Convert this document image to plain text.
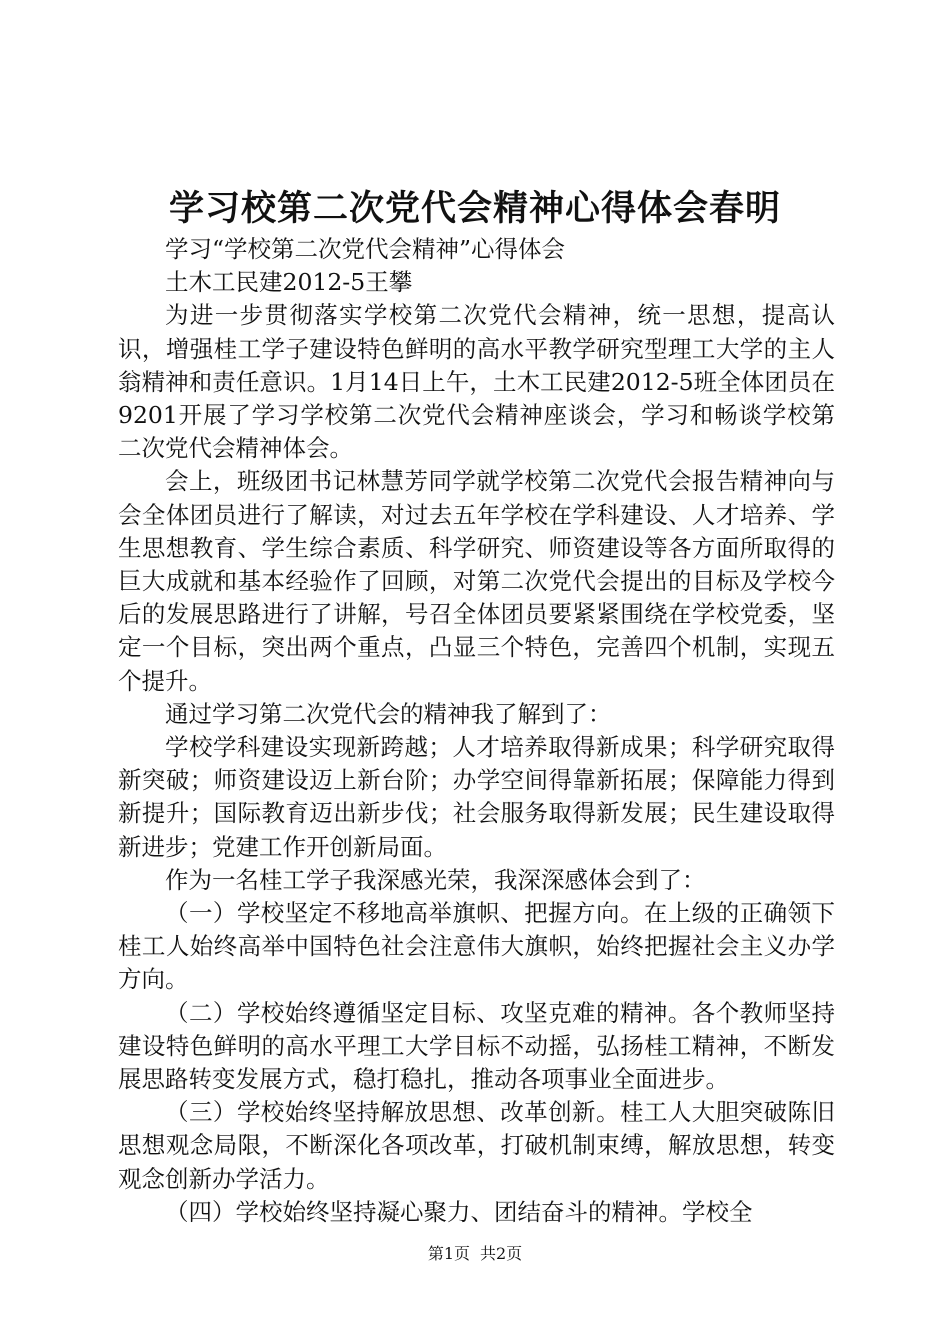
学习校第二次党代会精神心得体会春明

学习“学校第二次党代会精神”心得体会

土木工民建2012-5王攀

为进一步贯彻落实学校第二次党代会精神，统一思想，提高认识，增强桂工学子建设特色鲜明的高水平教学研究型理工大学的主人翁精神和责任意识。1月14日上午，土木工民建2012-5班全体团员在9201开展了学习学校第二次党代会精神座谈会，学习和畅谈学校第二次党代会精神体会。

会上，班级团书记林慧芳同学就学校第二次党代会报告精神向与会全体团员进行了解读，对过去五年学校在学科建设、人才培养、学生思想教育、学生综合素质、科学研究、师资建设等各方面所取得的巨大成就和基本经验作了回顾，对第二次党代会提出的目标及学校今后的发展思路进行了讲解，号召全体团员要紧紧围绕在学校党委，坚定一个目标，突出两个重点，凸显三个特色，完善四个机制，实现五个提升。

通过学习第二次党代会的精神我了解到了：

学校学科建设实现新跨越；人才培养取得新成果；科学研究取得新突破；师资建设迈上新台阶；办学空间得靠新拓展；保障能力得到新提升；国际教育迈出新步伐；社会服务取得新发展；民生建设取得新进步；党建工作开创新局面。

作为一名桂工学子我深感光荣，我深深感体会到了：

（一）学校坚定不移地高举旗帜、把握方向。在上级的正确领下桂工人始终高举中国特色社会注意伟大旗帜，始终把握社会主义办学方向。

（二）学校始终遵循坚定目标、攻坚克难的精神。各个教师坚持建设特色鲜明的高水平理工大学目标不动摇，弘扬桂工精神，不断发展思路转变发展方式，稳打稳扎，推动各项事业全面进步。

（三）学校始终坚持解放思想、改革创新。桂工人大胆突破陈旧思想观念局限，不断深化各项改革，打破机制束缚，解放思想，转变观念创新办学活力。

（四）学校始终坚持凝心聚力、团结奋斗的精神。学校全

第1页 共2页
